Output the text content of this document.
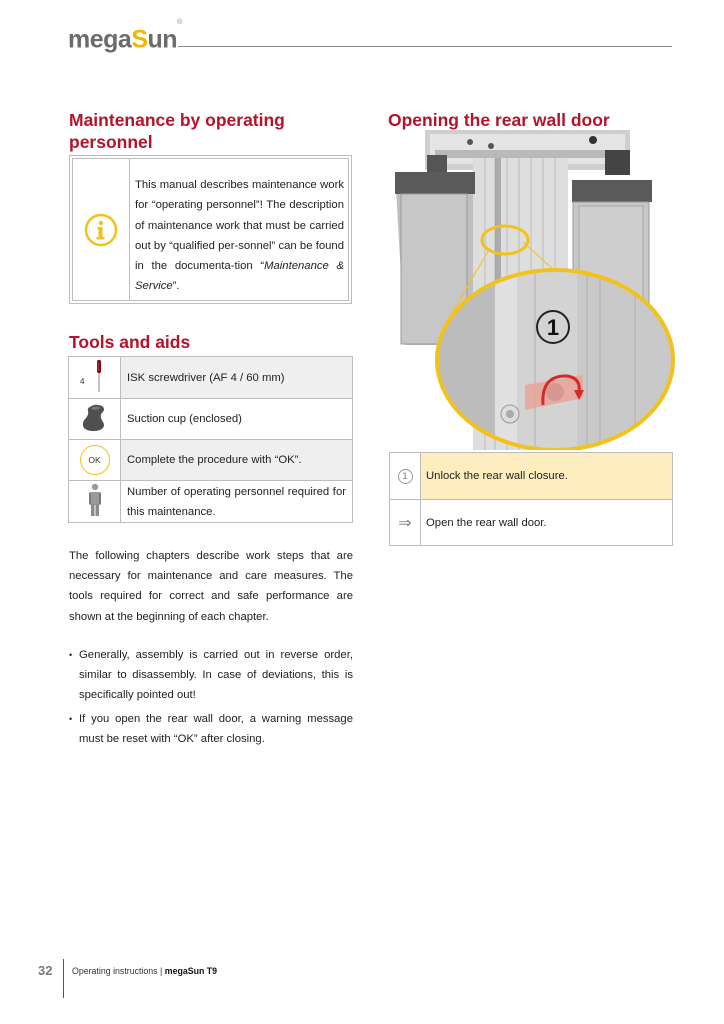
megaSun®
Maintenance by operating
personnel
This manual describes maintenance work for “operating personnel”! The description of maintenance work that must be carried out by “qualified per-sonnel” can be found in the documenta-tion “Maintenance & Service”.
Tools and aids
4	ISK screwdriver (AF 4 / 60 mm)
	Suction cup (enclosed)

OK	Complete the procedure with “OK”.
	Number of operating personnel required for this maintenance.

The following chapters describe work steps that are necessary for maintenance and care measures. The tools required for correct and safe performance are shown at the beginning of each chapter.

• Generally, assembly is carried out in reverse order, similar to disassembly. In case of deviations, this is specifically pointed out!
• If you open the rear wall door, a warning message must be reset with “OK” after closing.
Opening the rear wall door
1
1	Unlock the rear wall closure.
⇒	Open the rear wall door.
32 Operating instructions | megaSun T9
